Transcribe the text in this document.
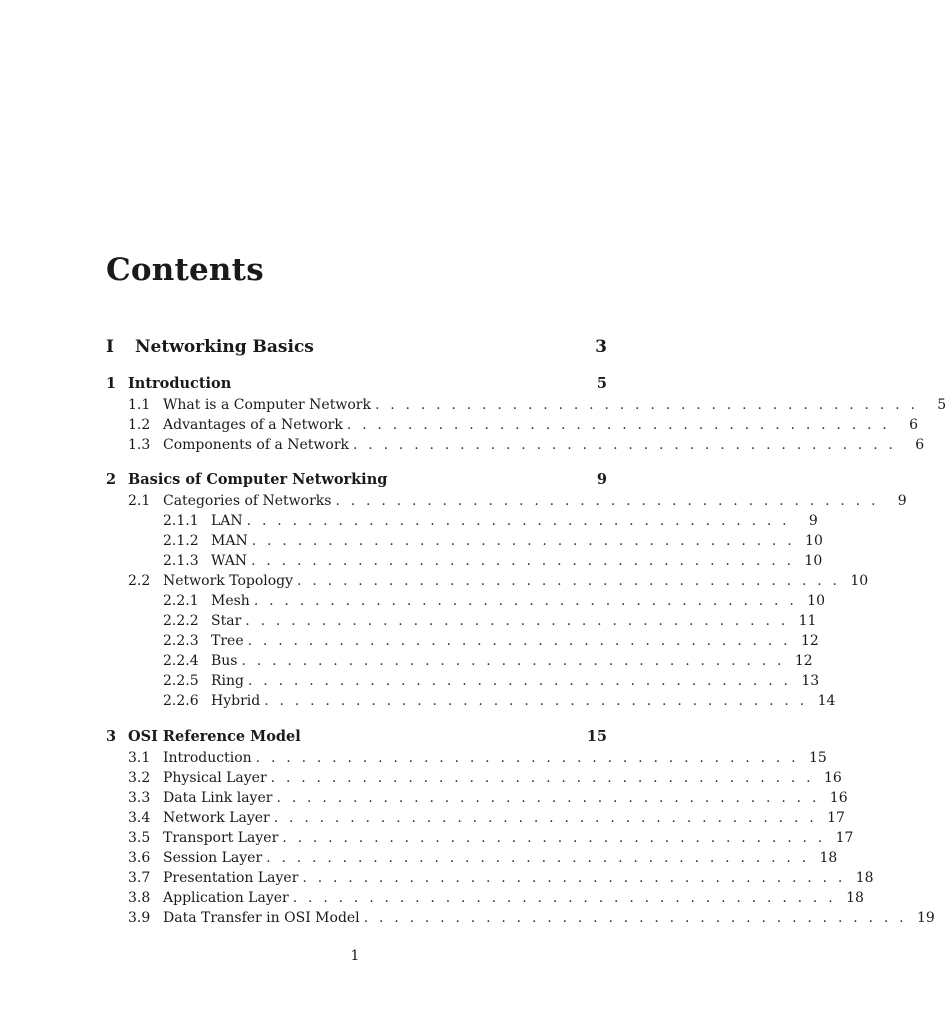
Contents
I Networking Basics	3
1 Introduction	5
1.1 What is a Computer Network . . . . . . . . . . . . . . . . . . . . . . . . . . . . . . . . . . . .	5
1.2 Advantages of a Network . . . . . . . . . . . . . . . . . . . . . . . . . . . . . . . . . . . .	6
1.3 Components of a Network . . . . . . . . . . . . . . . . . . . . . . . . . . . . . . . . . . . .	6
2 Basics of Computer Networking	9
2.1 Categories of Networks . . . . . . . . . . . . . . . . . . . . . . . . . . . . . . . . . . . .	9
2.1.1 LAN . . . . . . . . . . . . . . . . . . . . . . . . . . . . . . . . . . . .	9
2.1.2 MAN . . . . . . . . . . . . . . . . . . . . . . . . . . . . . . . . . . . . 10
2.1.3 WAN . . . . . . . . . . . . . . . . . . . . . . . . . . . . . . . . . . . . 10
2.2 Network Topology . . . . . . . . . . . . . . . . . . . . . . . . . . . . . . . . . . . . 10
2.2.1 Mesh . . . . . . . . . . . . . . . . . . . . . . . . . . . . . . . . . . . . 10
2.2.2 Star . . . . . . . . . . . . . . . . . . . . . . . . . . . . . . . . . . . . 11
2.2.3 Tree . . . . . . . . . . . . . . . . . . . . . . . . . . . . . . . . . . . . 12
2.2.4 Bus . . . . . . . . . . . . . . . . . . . . . . . . . . . . . . . . . . . . 12
2.2.5 Ring . . . . . . . . . . . . . . . . . . . . . . . . . . . . . . . . . . . . 13
2.2.6 Hybrid . . . . . . . . . . . . . . . . . . . . . . . . . . . . . . . . . . . . 14
3 OSI Reference Model	15
3.1 Introduction . . . . . . . . . . . . . . . . . . . . . . . . . . . . . . . . . . . . 15
3.2 Physical Layer . . . . . . . . . . . . . . . . . . . . . . . . . . . . . . . . . . . . 16
3.3 Data Link layer . . . . . . . . . . . . . . . . . . . . . . . . . . . . . . . . . . . . 16
3.4 Network Layer . . . . . . . . . . . . . . . . . . . . . . . . . . . . . . . . . . . . 17
3.5 Transport Layer . . . . . . . . . . . . . . . . . . . . . . . . . . . . . . . . . . . . 17
3.6 Session Layer . . . . . . . . . . . . . . . . . . . . . . . . . . . . . . . . . . . . 18
3.7 Presentation Layer . . . . . . . . . . . . . . . . . . . . . . . . . . . . . . . . . . . . 18
3.8 Application Layer . . . . . . . . . . . . . . . . . . . . . . . . . . . . . . . . . . . . 18
3.9 Data Transfer in OSI Model . . . . . . . . . . . . . . . . . . . . . . . . . . . . . . . . . . . . 19
1
